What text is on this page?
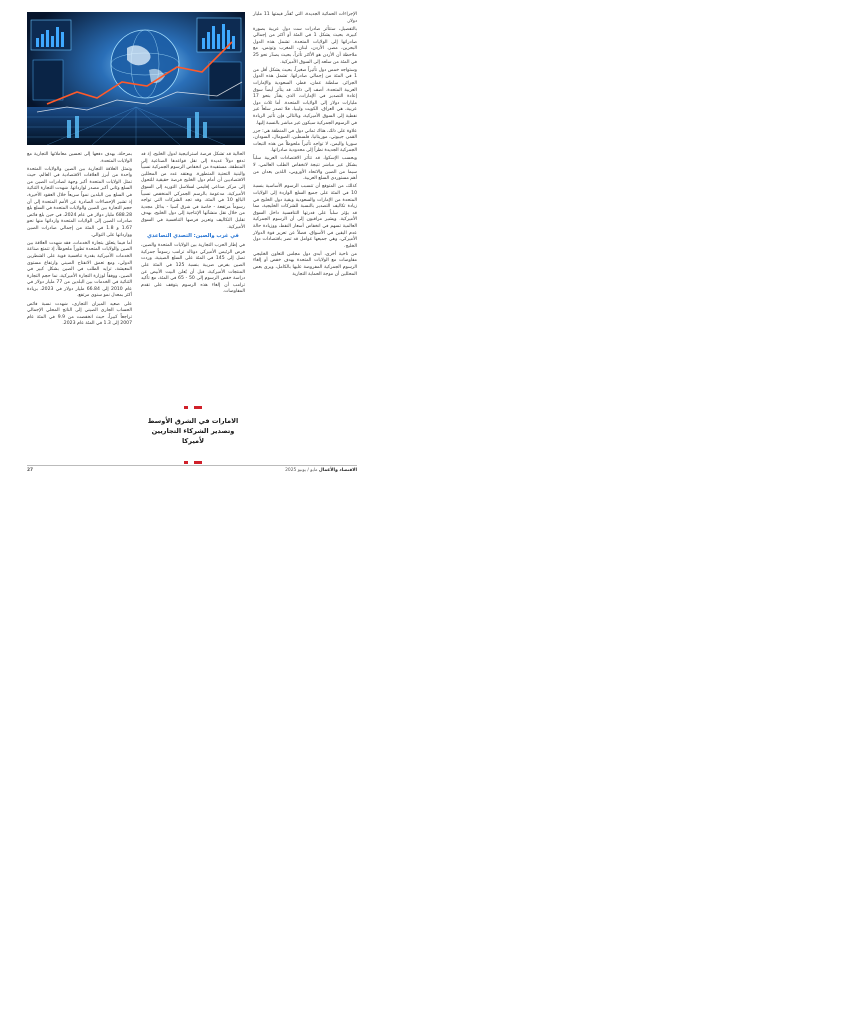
الإجراءات الحمائية الجديدة، التي تُقدَّر قيمتها 11 مليار دولار.

بالتفصيل، ستتأثر صادرات ست دول عربية بصورة كبيرة، بحيث يشكل 1 في المئة أو أكثر من إجمالي صادراتها إلى الولايات المتحدة. تشمل هذه الدول البحرين، مصر، الأردن، لبنان، المغرب وتونس، مع ملاحظة أن الأردن هو الأكثر تأثراً، بحيث يصدّر نحو 25 في المئة من سلعه إلى السوق الأميركية.

وستواجه خمس دول تأثيراً صغيراً، بحيث يشكل أقل من 1 في المئة من إجمالي صادراتها. تشمل هذه الدول الجزائر، سلطنة عمان، قطر، السعودية والإمارات العربية المتحدة. أضف إلى ذلك، قد يتأثر أيضاً سوق إعادة التصدير في الإمارات، الذي يقدَّر بنحو 17 مليارات دولار إلى الولايات المتحدة. أما ثلاث دول عربية، هي العراق، الكويت وليبيا، فلا تصدر سلعاً غير نفطية إلى السوق الأميركية، وبالتالي فإن تأثير الزيادة في الرسوم الجمركية سيكون غير مباشر بالنسبة إليها.

علاوة على ذلك، هناك ثماني دول في المنطقة هي: جزر القمر، جيبوتي، موريتانيا، فلسطين، الصومال، السودان، سوريا واليمن، لا تواجه تأثيراً ملحوظاً من هذه التبعات الجمركية الجديدة نظراً إلى محدودية صادراتها.

وبحسب الإسكوا، قد تتأثر الاقتصادات العربية سلباً بشكل غير مباشر نتيجة لانخفاض الطلب العالمي، لا سيما من الصين والاتحاد الأوروبي، اللذين يعدان من أهم مستوردي السلع العربية.

كذلك، من المتوقع أن تتسبب الرسوم الأساسية بنسبة 10 في المئة على جميع السلع الواردة إلى الولايات المتحدة من الإمارات والسعودية وبقية دول الخليج في زيادة تكاليف التصدير بالنسبة للشركات الخليجية، مما قد يؤثر سلباً على قدرتها التنافسية داخل السوق الأميركية. ويشير مراقبون إلى أن الرسوم الجمركية العالمية تسهم في انخفاض أسعار النفط، ووزيادة حالة عدم اليقين في الأسواق، فضلاً عن تعزيز قوة الدولار الأميركي، وهي جميعها عوامل قد تضر باقتصادات دول الخليج.

من ناحية أخرى، أبدى دول مجلس التعاون الخليجي مفاوضات مع الولايات المتحدة بهدف خفض أو إلغاء الرسوم الجمركية المفروضة عليها بالكامل، ويرى بعض المحللين أن موجة الحماية التجارية

الحالية قد تشكل فرصة استراتيجية لدول الخليج، إذ قد تدفع دولاً عديدة إلى نقل قواعدها الصناعية إلى المنطقة، مستفيدة من انخفاض الرسوم الجمركية نسبياً والبنية التحتية المتطورة. ويعتقد عدد من المحللين الاقتصاديين أن أمام دول الخليج فرصة حقيقية للتحول إلى مركز صناعي إقليمي لسلاسل التوريد إلى السوق الأميركية، مدعومة بالرسم الجمركي المنخفض نسبياً البالغ 10 في المئة، وقد تجد الشركات التي تواجه رسوماً مرتفعة - خاصة في شرق آسيا - بدائل مجدية من خلال نقل منشآتها الإنتاجية إلى دول الخليج، بهدف تقليل التكاليف وتعزيز فرصها التنافسية في السوق الأميركية.

في غرب والصين: التصدي التصاعدي

في إطار الحرب التجارية بين الولايات المتحدة والصين، فرض الرئيس الأميركي دونالد ترامب رسوماً جمركية تصل إلى 145 في المئة على السلع الصينية، وردت الصين بفرض ضريبة بنسبة 125 في المئة على المنتجات الأميركية، قبل أن يُعلن البيت الأبيض عن دراسة خفض الرسوم إلى 50 - 65 في المئة، مع تأكيد ترامب أن إلغاء هذه الرسوم يتوقف على تقدم المفاوضات.

الامارات في الشرق الأوسط وتصدير الشركاء التجاريين لأميركا

بمرحلة، بهدف دفعها إلى تحسين معاملاتها التجارية مع الولايات المتحدة.

وتمثل العلاقة التجارية بين الصين والولايات المتحدة واحدة من أبرز العلاقات الاقتصادية في العالم، حيث تمثل الولايات المتحدة أكبر وجهة لصادرات الصين من السلع وثاني أكبر مصدر لوارداتها. شهدت التجارة الثنائية في السلع بين البلدين نمواً سريعاً خلال العقود الأخيرة، إذ تشير الإحصاءات الصادرة عن الأمم المتحدة إلى أن حجم التجارة بين الصين والولايات المتحدة في السلع بلغ 688.28 مليار دولار في عام 2024، في حين بلغ فائض صادرات الصين إلى الولايات المتحدة وارداتها منها نحو 1.67 و 1.8 في المئة من إجمالي صادرات الصين ووارداتها على التوالي.

أما فيما يتعلق بتجارة الخدمات، فقد شهدت العلاقة بين الصين والولايات المتحدة تطوراً ملحوظاً، إذ تتمتع صناعة الخدمات الأميركية بقدرة تنافسية قوية على الشطرين الدولي، ومع تعمق الانفتاح الصيني وارتفاع مستوى المعيشة، تزايد الطلب في الصين بشكل كبير في الصين، ووفقاً لوزارة التجارة الأميركية، نما حجم التجارة الثنائية في الخدمات بين البلدين من 77 مليار دولار في عام 2010 إلى 66.84 مليار دولار في 2023، بزيادة أكثر بمعدل نمو سنوي مرتفع.

على صعيد الميزان التجاري، شهدت نسبة فائض الحساب الجاري الصيني إلى الناتج المحلي الإجمالي تراجعاً كبيراً، حيث انخفضت من 9.9 في المئة عام 2007 إلى 1.3 في المئة عام 2023.

27	الاقتصاد والأعمال مايو / يونيو 2025
